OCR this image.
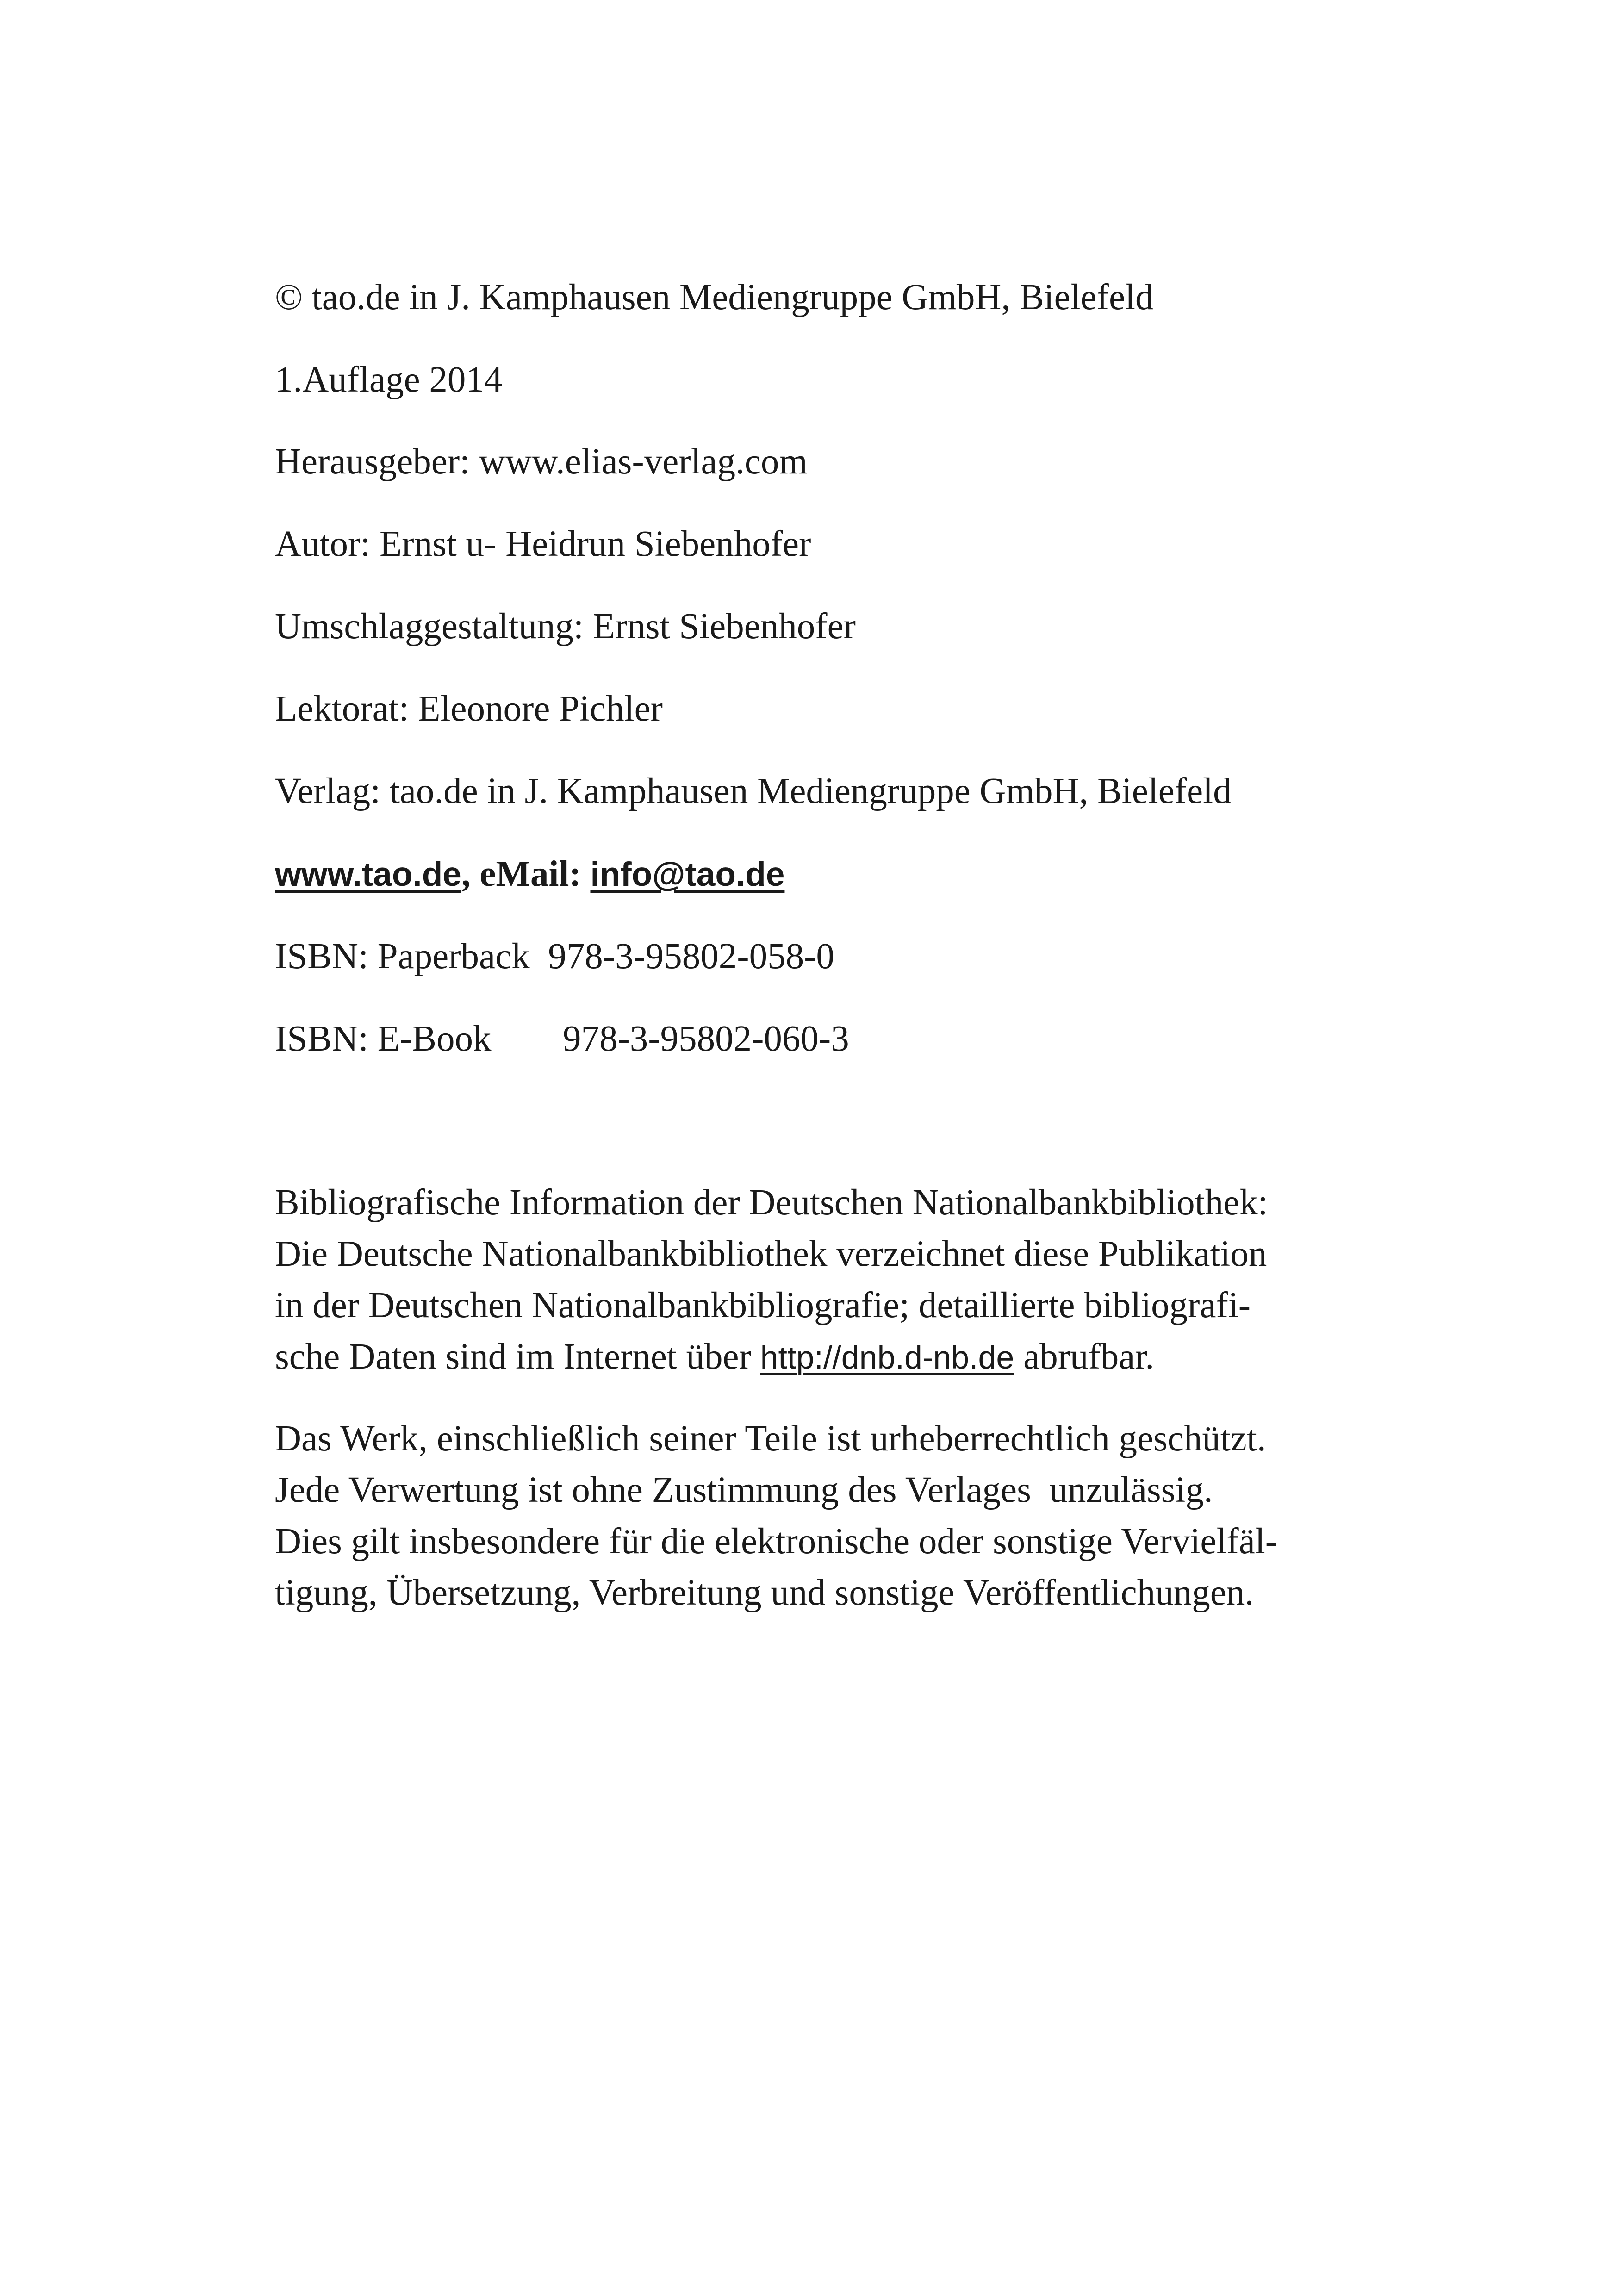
© tao.de in J. Kamphausen Mediengruppe GmbH, Bielefeld
1.Auflage 2014
Herausgeber: www.elias-verlag.com
Autor: Ernst u- Heidrun Siebenhofer
Umschlaggestaltung: Ernst Siebenhofer
Lektorat: Eleonore Pichler
Verlag: tao.de in J. Kamphausen Mediengruppe GmbH, Bielefeld
www.tao.de, eMail: info@tao.de
ISBN: Paperback  978-3-95802-058-0
ISBN: E-Book 978-3-95802-060-3
Bibliografische Information der Deutschen Nationalbankbibliothek:
Die Deutsche Nationalbankbibliothek verzeichnet diese Publikation
in der Deutschen Nationalbankbibliografie; detaillierte bibliografi-
sche Daten sind im Internet über http://dnb.d-nb.de abrufbar.
Das Werk, einschließlich seiner Teile ist urheberrechtlich geschützt.
Jede Verwertung ist ohne Zustimmung des Verlages  unzulässig.
Dies gilt insbesondere für die elektronische oder sonstige Vervielfäl-
tigung, Übersetzung, Verbreitung und sonstige Veröffentlichungen.
